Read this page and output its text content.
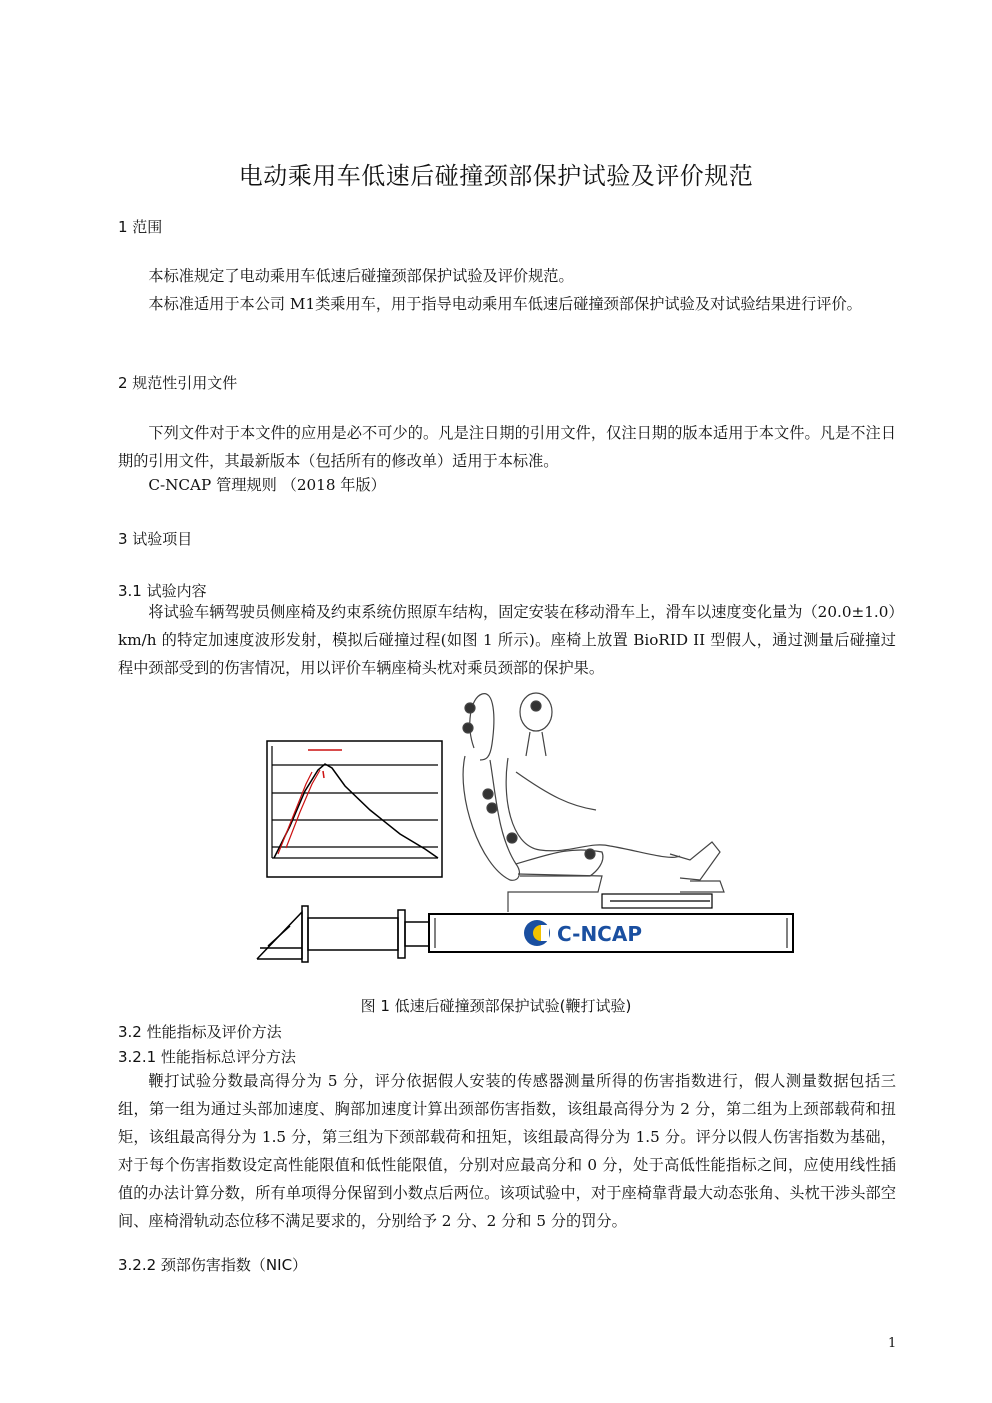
电动乘用车低速后碰撞颈部保护试验及评价规范
1 范围
本标准规定了电动乘用车低速后碰撞颈部保护试验及评价规范。
本标准适用于本公司 M1类乘用车，用于指导电动乘用车低速后碰撞颈部保护试验及对试验结果进行评价。
2 规范性引用文件
下列文件对于本文件的应用是必不可少的。凡是注日期的引用文件，仅注日期的版本适用于本文件。凡是不注日期的引用文件，其最新版本（包括所有的修改单）适用于本标准。
C-NCAP 管理规则 （2018 年版）
3 试验项目
3.1 试验内容
将试验车辆驾驶员侧座椅及约束系统仿照原车结构，固定安装在移动滑车上，滑车以速度变化量为（20.0±1.0）km/h 的特定加速度波形发射，模拟后碰撞过程(如图 1 所示)。座椅上放置 BioRID II 型假人，通过测量后碰撞过程中颈部受到的伤害情况，用以评价车辆座椅头枕对乘员颈部的保护果。
C-NCAP
图 1 低速后碰撞颈部保护试验(鞭打试验)
3.2 性能指标及评价方法
3.2.1 性能指标总评分方法
鞭打试验分数最高得分为 5 分，评分依据假人安装的传感器测量所得的伤害指数进行，假人测量数据包括三组，第一组为通过头部加速度、胸部加速度计算出颈部伤害指数，该组最高得分为 2 分，第二组为上颈部载荷和扭矩，该组最高得分为 1.5 分，第三组为下颈部载荷和扭矩，该组最高得分为 1.5 分。评分以假人伤害指数为基础，对于每个伤害指数设定高性能限值和低性能限值，分别对应最高分和 0 分，处于高低性能指标之间，应使用线性插值的办法计算分数，所有单项得分保留到小数点后两位。该项试验中，对于座椅靠背最大动态张角、头枕干涉头部空间、座椅滑轨动态位移不满足要求的，分别给予 2 分、2 分和 5 分的罚分。
3.2.2 颈部伤害指数（NIC）
1
